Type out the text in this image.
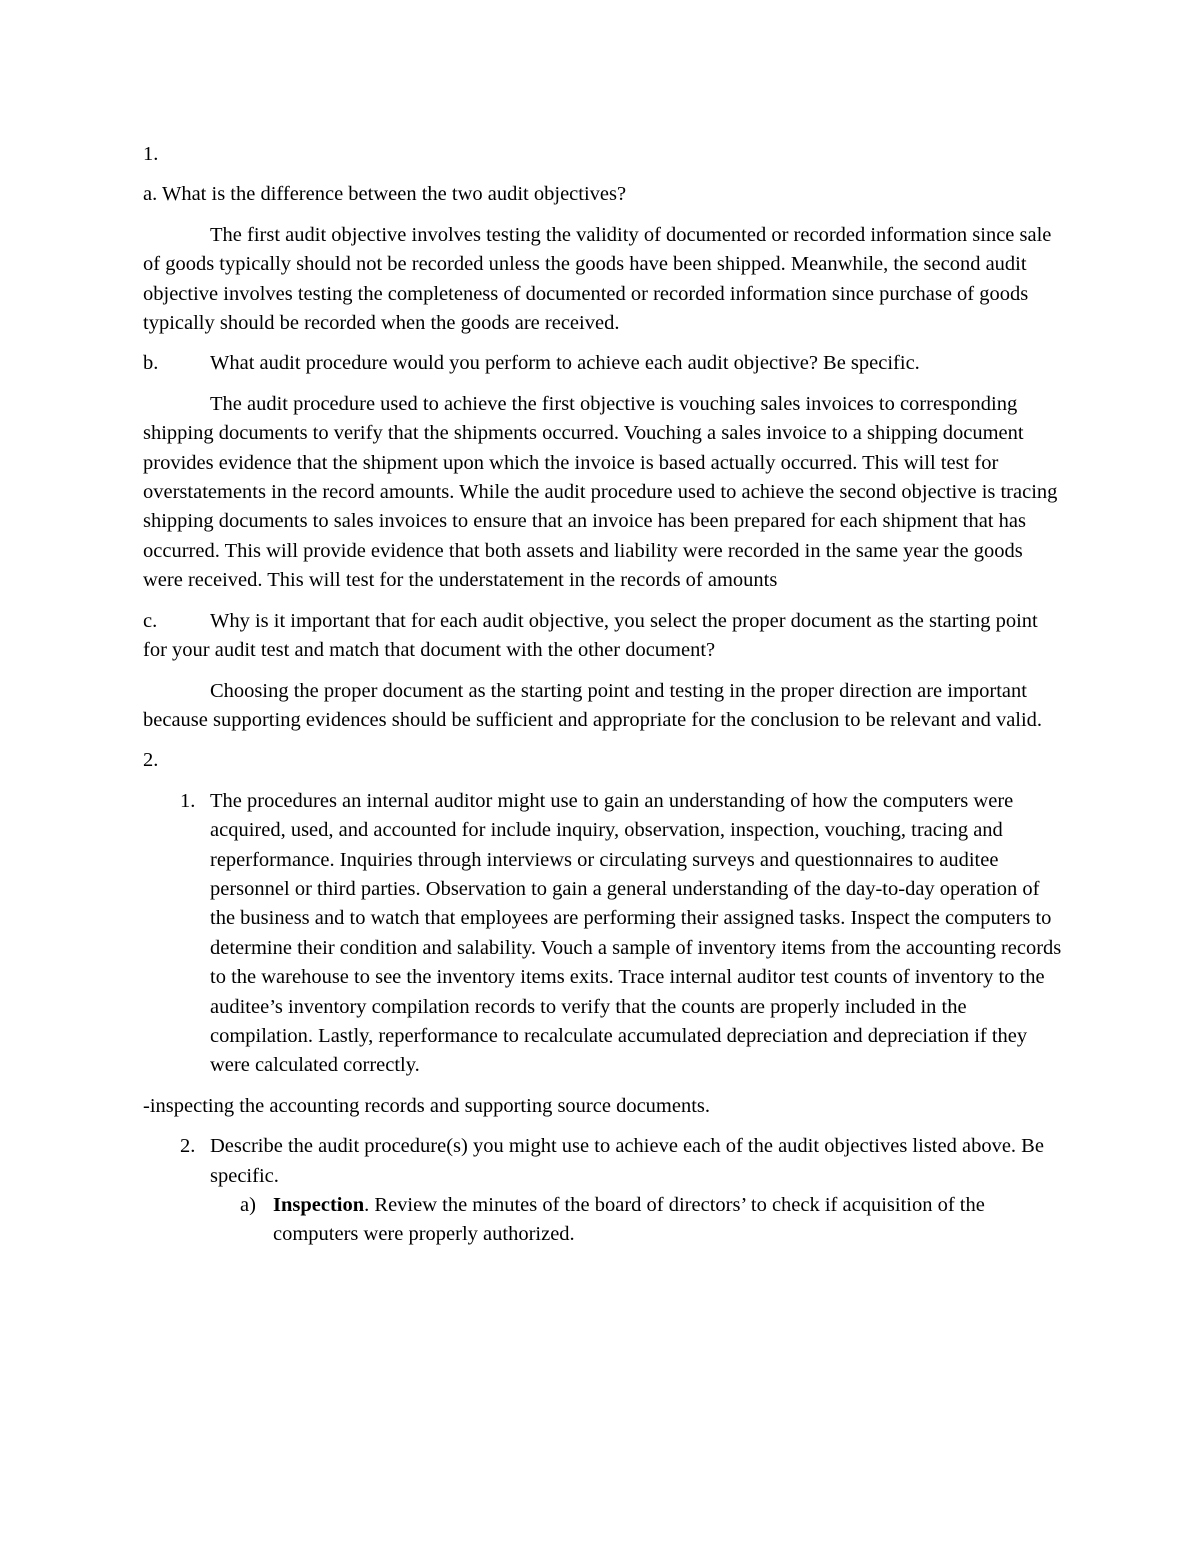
1.

a. What is the difference between the two audit objectives?

The first audit objective involves testing the validity of documented or recorded information since sale of goods typically should not be recorded unless the goods have been shipped. Meanwhile, the second audit objective involves testing the completeness of documented or recorded information since purchase of goods typically should be recorded when the goods are received.

b.	What audit procedure would you perform to achieve each audit objective? Be specific.

The audit procedure used to achieve the first objective is vouching sales invoices to corresponding shipping documents to verify that the shipments occurred. Vouching a sales invoice to a shipping document provides evidence that the shipment upon which the invoice is based actually occurred. This will test for overstatements in the record amounts. While the audit procedure used to achieve the second objective is tracing shipping documents to sales invoices to ensure that an invoice has been prepared for each shipment that has occurred. This will provide evidence that both assets and liability were recorded in the same year the goods were received. This will test for the understatement in the records of amounts

c.	Why is it important that for each audit objective, you select the proper document as the starting point for your audit test and match that document with the other document?

Choosing the proper document as the starting point and testing in the proper direction are important because supporting evidences should be sufficient and appropriate for the conclusion to be relevant and valid.

2.

1. The procedures an internal auditor might use to gain an understanding of how the computers were acquired, used, and accounted for include inquiry, observation, inspection, vouching, tracing and reperformance. Inquiries through interviews or circulating surveys and questionnaires to auditee personnel or third parties. Observation to gain a general understanding of the day-to-day operation of the business and to watch that employees are performing their assigned tasks. Inspect the computers to determine their condition and salability. Vouch a sample of inventory items from the accounting records to the warehouse to see the inventory items exits. Trace internal auditor test counts of inventory to the auditee’s inventory compilation records to verify that the counts are properly included in the compilation. Lastly, reperformance to recalculate accumulated depreciation and depreciation if they were calculated correctly.

-inspecting the accounting records and supporting source documents.

2. Describe the audit procedure(s) you might use to achieve each of the audit objectives listed above. Be specific.
a) Inspection. Review the minutes of the board of directors’ to check if acquisition of the computers were properly authorized.
